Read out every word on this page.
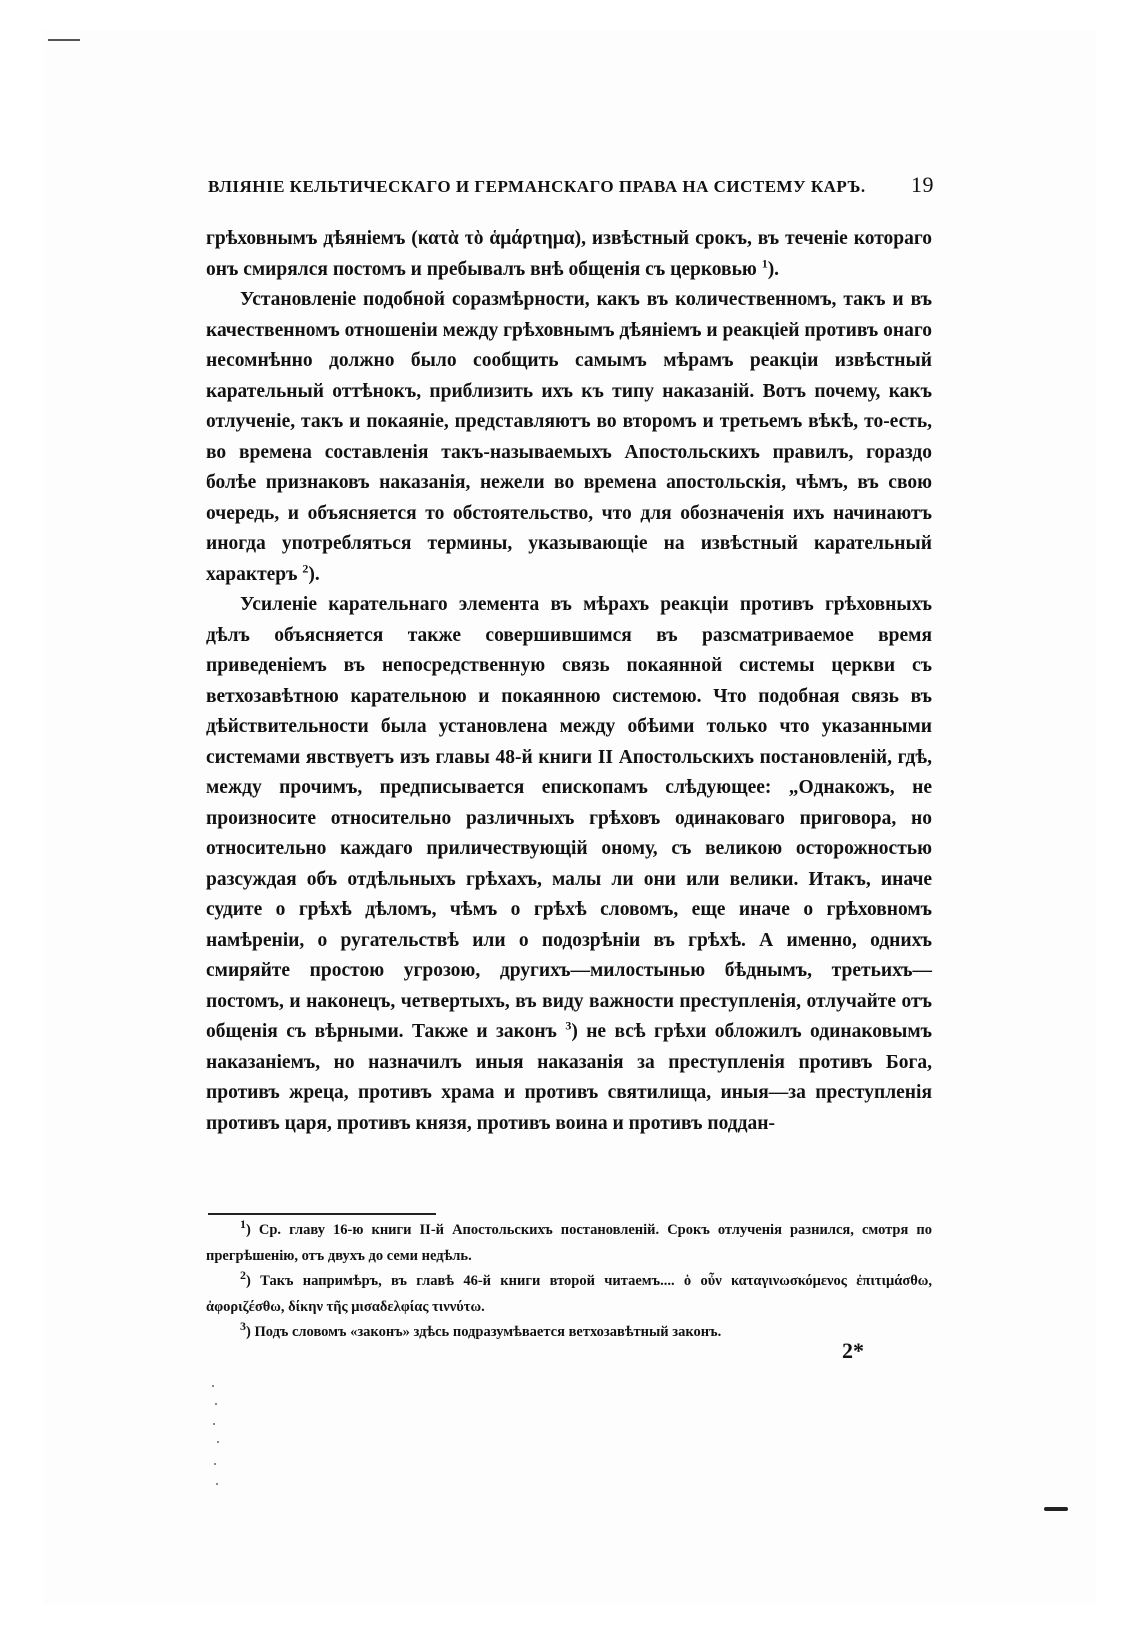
ВЛІЯНІЕ КЕЛЬТИЧЕСКАГО И ГЕРМАНСКАГО ПРАВА НА СИСТЕМУ КАРЪ. 19

грѣховнымъ дѣяніемъ (κατὰ τὸ ἁμάρτημα), извѣстный срокъ, въ теченіе котораго онъ смирялся постомъ и пребывалъ внѣ общенія съ церковью $^1$).

Установленіе подобной соразмѣрности, какъ въ количественномъ, такъ и въ качественномъ отношеніи между грѣховнымъ дѣяніемъ и реакціей противъ онаго несомнѣнно должно было сообщить самымъ мѣрамъ реакціи извѣстный карательный оттѣнокъ, приблизить ихъ къ типу наказаній. Вотъ почему, какъ отлученіе, такъ и покаяніе, представляютъ во второмъ и третьемъ вѣкѣ, то-есть, во времена составленія такъ-называемыхъ Апостольскихъ правилъ, гораздо болѣе признаковъ наказанія, нежели во времена апостольскія, чѣмъ, въ свою очередь, и объясняется то обстоятельство, что для обозначенія ихъ начинаютъ иногда употребляться термины, указывающіе на извѣстный карательный характеръ $^2$).

Усиленіе карательнаго элемента въ мѣрахъ реакціи противъ грѣховныхъ дѣлъ объясняется также совершившимся въ разсматриваемое время приведеніемъ въ непосредственную связь покаянной системы церкви съ ветхозавѣтною карательною и покаянною системою. Что подобная связь въ дѣйствительности была установлена между обѣими только что указанными системами явствуетъ изъ главы 48-й книги II Апостольскихъ постановленій, гдѣ, между прочимъ, предписывается епископамъ слѣдующее: „Однакожъ, не произносите относительно различныхъ грѣховъ одинаковаго приговора, но относительно каждаго приличествующій оному, съ великою осторожностью разсуждая объ отдѣльныхъ грѣхахъ, малы ли они или велики. Итакъ, иначе судите о грѣхѣ дѣломъ, чѣмъ о грѣхѣ словомъ, еще иначе о грѣховномъ намѣреніи, о ругательствѣ или о подозрѣніи въ грѣхѣ. А именно, однихъ смиряйте простою угрозою, другихъ—милостынью бѣднымъ, третьихъ—постомъ, и наконецъ, четвертыхъ, въ виду важности преступленія, отлучайте отъ общенія съ вѣрными. Также и законъ $^3$) не всѣ грѣхи обложилъ одинаковымъ наказаніемъ, но назначилъ иныя наказанія за преступленія противъ Бога, противъ жреца, противъ храма и противъ святилища, иныя—за преступленія противъ царя, противъ князя, противъ воина и противъ поддан-

$^1$) Ср. главу 16-ю книги II-й Апостольскихъ постановленій. Срокъ отлученія разнился, смотря по прегрѣшенію, отъ двухъ до семи недѣль.

$^2$) Такъ напримѣръ, въ главѣ 46-й книги второй читаемъ.... ὁ οὖν καταγινωσκόμενος ἐπιτιμάσθω, ἀφοριζέσθω, δίκην τῆς μισαδελφίας τιννύτω.

$^3$) Подъ словомъ «законъ» здѣсь подразумѣвается ветхозавѣтный законъ.

2*
